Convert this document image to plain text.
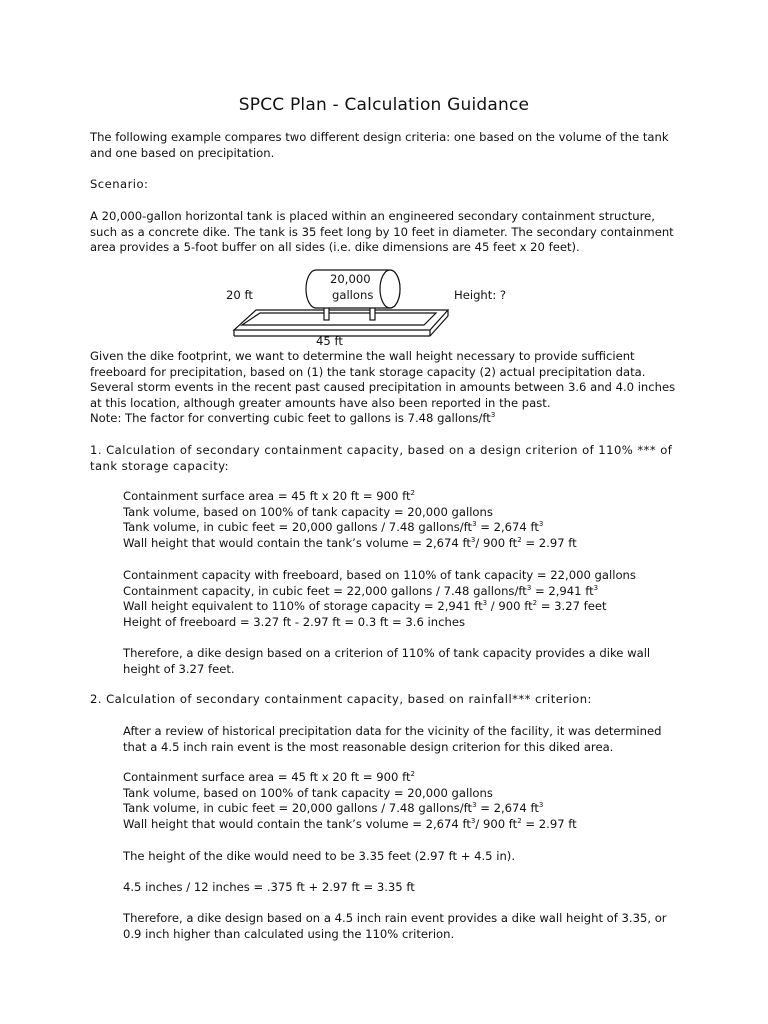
SPCC Plan - Calculation Guidance

The following example compares two different design criteria: one based on the volume of the tank and one based on precipitation.

Scenario:

A 20,000-gallon horizontal tank is placed within an engineered secondary containment structure, such as a concrete dike. The tank is 35 feet long by 10 feet in diameter. The secondary containment area provides a 5-foot buffer on all sides (i.e. dike dimensions are 45 feet x 20 feet).

20,000
gallons
20 ft	Height: ?
45 ft

Given the dike footprint, we want to determine the wall height necessary to provide sufficient freeboard for precipitation, based on (1) the tank storage capacity (2) actual precipitation data. Several storm events in the recent past caused precipitation in amounts between 3.6 and 4.0 inches at this location, although greater amounts have also been reported in the past.

Note: The factor for converting cubic feet to gallons is 7.48 gallons/$ft^3$

1. Calculation of secondary containment capacity, based on a design criterion of 110% *** of tank storage capacity:

Containment surface area = 45 ft x 20 ft = 900 $ft^2$

Tank volume, based on 100% of tank capacity = 20,000 gallons

Tank volume, in cubic feet = 20,000 gallons / 7.48 gallons/$ft^3 = 2,674$ $ft^3$

Wall height that would contain the tank’s volume = 2,674 $ft^3/$ 900 $ft^2 = 2.97$ ft

Containment capacity with freeboard, based on 110% of tank capacity = 22,000 gallons

Containment capacity, in cubic feet = 22,000 gallons / 7.48 gallons/$ft^3 = 2,941$ $ft^3$

Wall height equivalent to 110% of storage capacity = 2,941 $ft^3 / 900$ $ft^2 = 3.27$ feet

Height of freeboard = 3.27 ft - 2.97 ft = 0.3 ft = 3.6 inches

Therefore, a dike design based on a criterion of 110% of tank capacity provides a dike wall height of 3.27 feet.

2. Calculation of secondary containment capacity, based on rainfall*** criterion:

After a review of historical precipitation data for the vicinity of the facility, it was determined that a 4.5 inch rain event is the most reasonable design criterion for this diked area.

Containment surface area = 45 ft x 20 ft = 900 $ft^2$

Tank volume, based on 100% of tank capacity = 20,000 gallons

Tank volume, in cubic feet = 20,000 gallons / 7.48 gallons/$ft^3 = 2,674$ $ft^3$

Wall height that would contain the tank’s volume = 2,674 $ft^3/$ 900 $ft^2 = 2.97$ ft

The height of the dike would need to be 3.35 feet (2.97 ft + 4.5 in).

4.5 inches / 12 inches = .375 ft + 2.97 ft = 3.35 ft

Therefore, a dike design based on a 4.5 inch rain event provides a dike wall height of 3.35, or 0.9 inch higher than calculated using the 110% criterion.
